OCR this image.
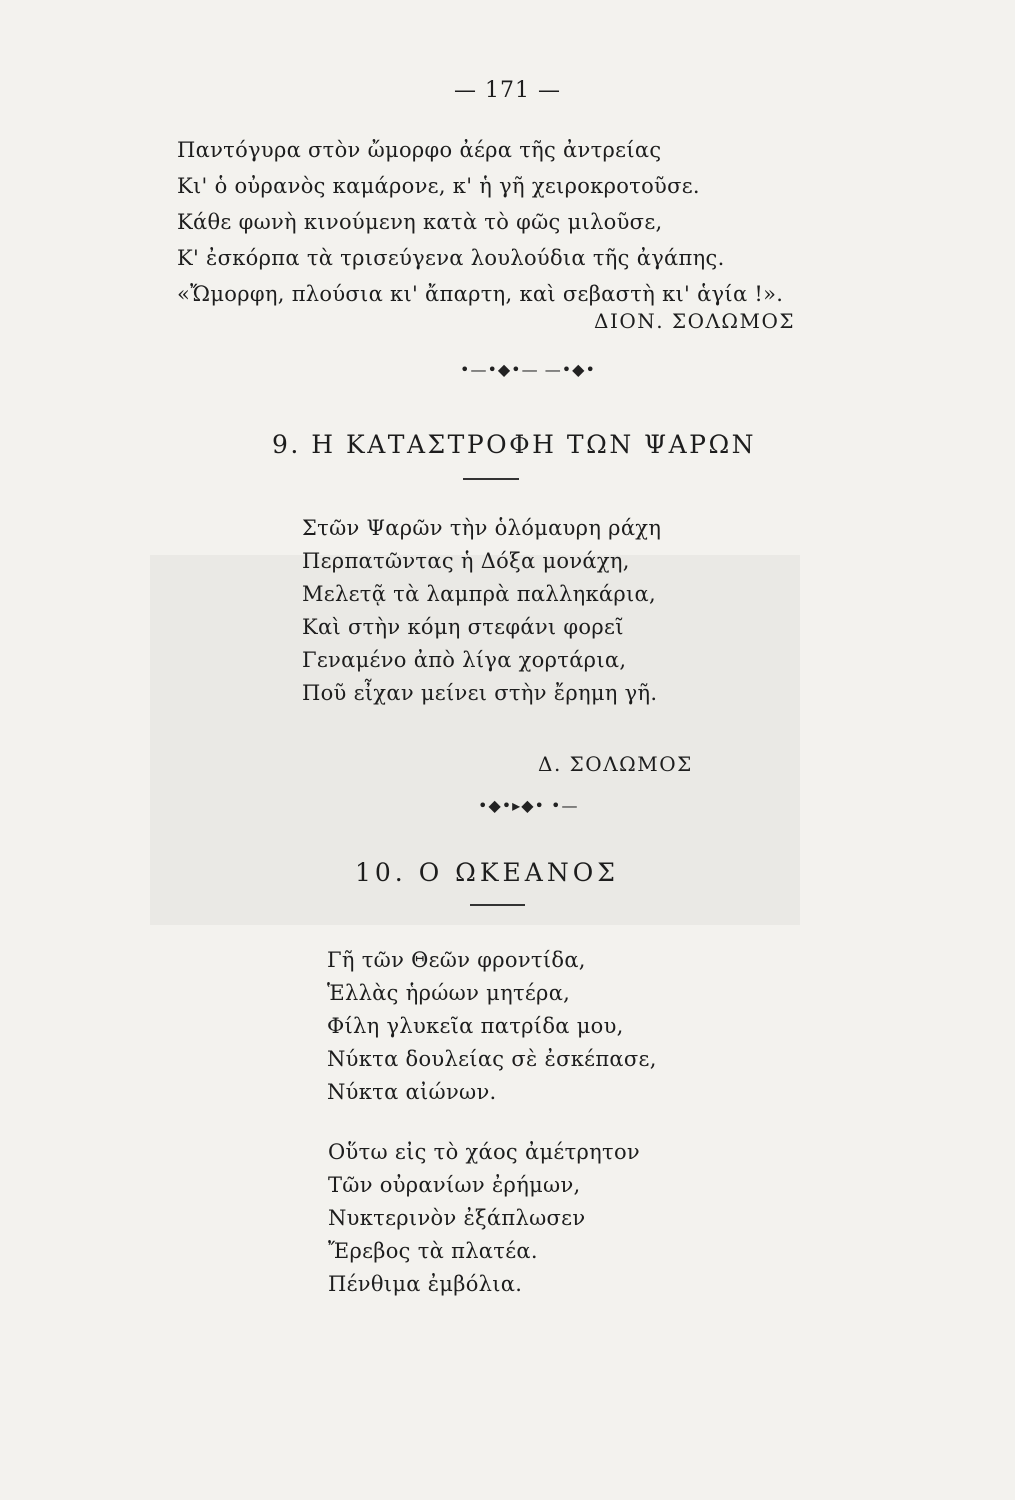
— 171 —
Παντόγυρα στὸν ὤμορφο ἀέρα τῆς ἀντρείας
Κι' ὁ οὐρανὸς καμάρονε, κ' ἡ γῆ χειροκροτοῦσε.
Κάθε φωνὴ κινούμενη κατὰ τὸ φῶς μιλοῦσε,
Κ' ἐσκόρπα τὰ τρισεύγενα λουλούδια τῆς ἀγάπης.
«Ὤμορφη, πλούσια κι' ἄπαρτη, καὶ σεβαστὴ κι' ἁγία !».
ΔΙΟΝ. ΣΟΛΩΜΟΣ
•—•◆•— —•◆•
9. Η ΚΑΤΑΣΤΡΟΦΗ ΤΩΝ ΨΑΡΩΝ
Στῶν Ψαρῶν τὴν ὁλόμαυρη ράχη
Περπατῶντας ἡ Δόξα μονάχη,
Μελετᾷ τὰ λαμπρὰ παλληκάρια,
Καὶ στὴν κόμη στεφάνι φορεῖ
Γεναμένο ἀπὸ λίγα χορτάρια,
Ποῦ εἶχαν μείνει στὴν ἔρημη γῆ.
Δ. ΣΟΛΩΜΟΣ
•◆•▸◆• •—
10. Ο ΩΚΕΑΝΟΣ
Γῆ τῶν Θεῶν φροντίδα,
Ἑλλὰς ἡρώων μητέρα,
Φίλη γλυκεῖα πατρίδα μου,
Νύκτα δουλείας σὲ ἐσκέπασε,
Νύκτα αἰώνων.
Οὕτω εἰς τὸ χάος ἀμέτρητον
Τῶν οὐρανίων ἐρήμων,
Νυκτερινὸν ἐξάπλωσεν
Ἔρεβος τὰ πλατέα.
Πένθιμα ἐμβόλια.
